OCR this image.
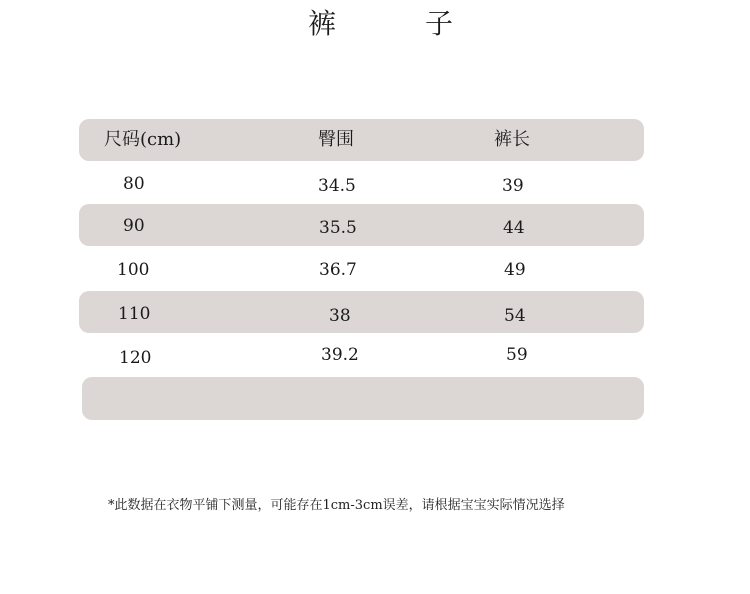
裤	子
尺码(cm)	臀围	裤长
80	34.5	39
90	35.5	44
100	36.7	49
110	38	54
120	39.2	59
*此数据在衣物平铺下测量，可能存在1cm-3cm误差，请根据宝宝实际情况选择
